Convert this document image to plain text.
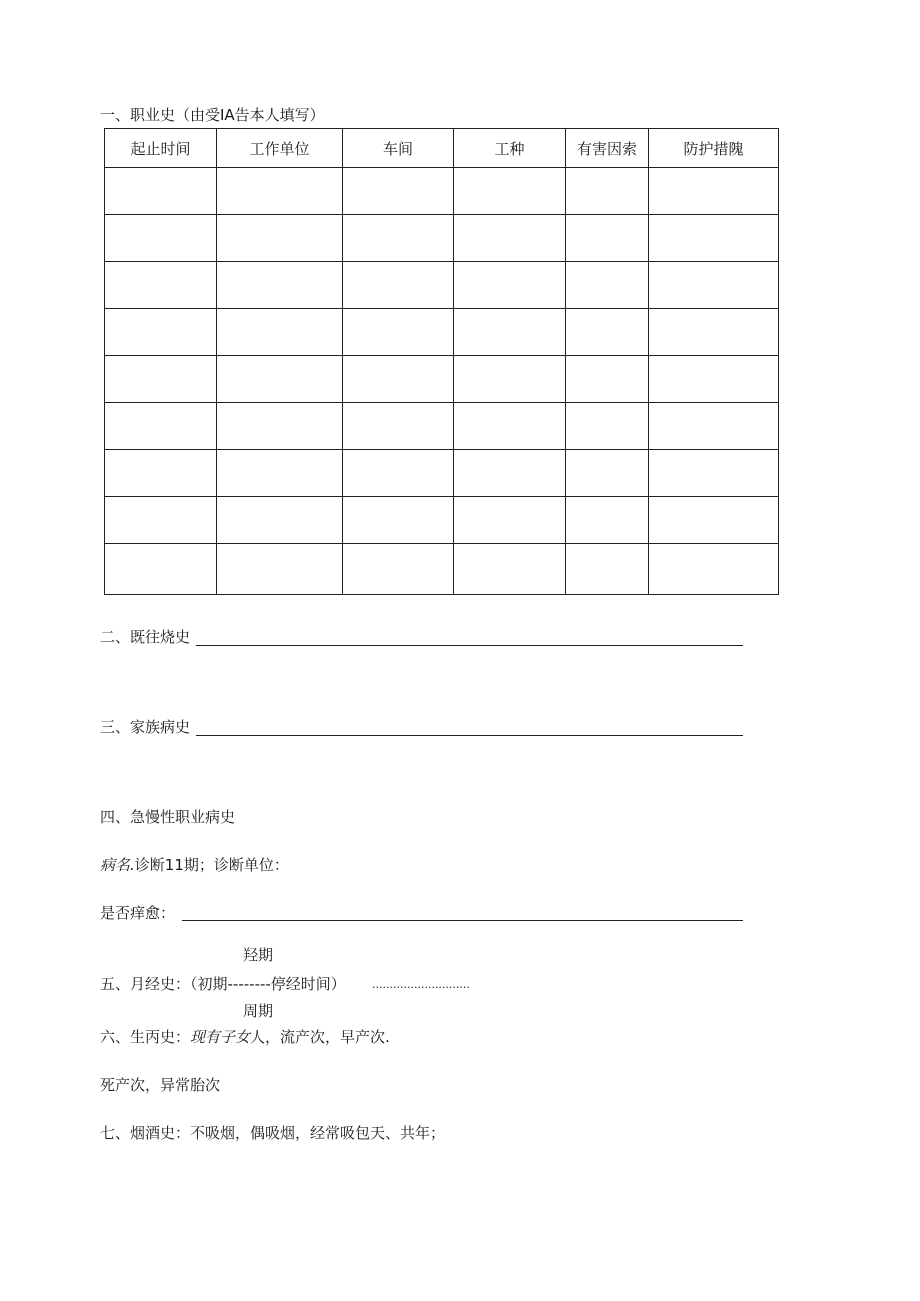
一、职业史（由受IA告本人填写）
起止时间	工作单位	车间	工种	有害因索	防护措隗

二、既往烧史
三、家族病史
四、急慢性职业病史
病名.诊断11期；诊断单位：
是否痒愈：
羟期
五、月经史：（初期--------停经时间） ............................
周期
六、生丙史：现有子女人，流产次，早产次.
死产次，异常胎次
七、烟酒史：不吸烟，偶吸烟，经常吸包天、共年；
